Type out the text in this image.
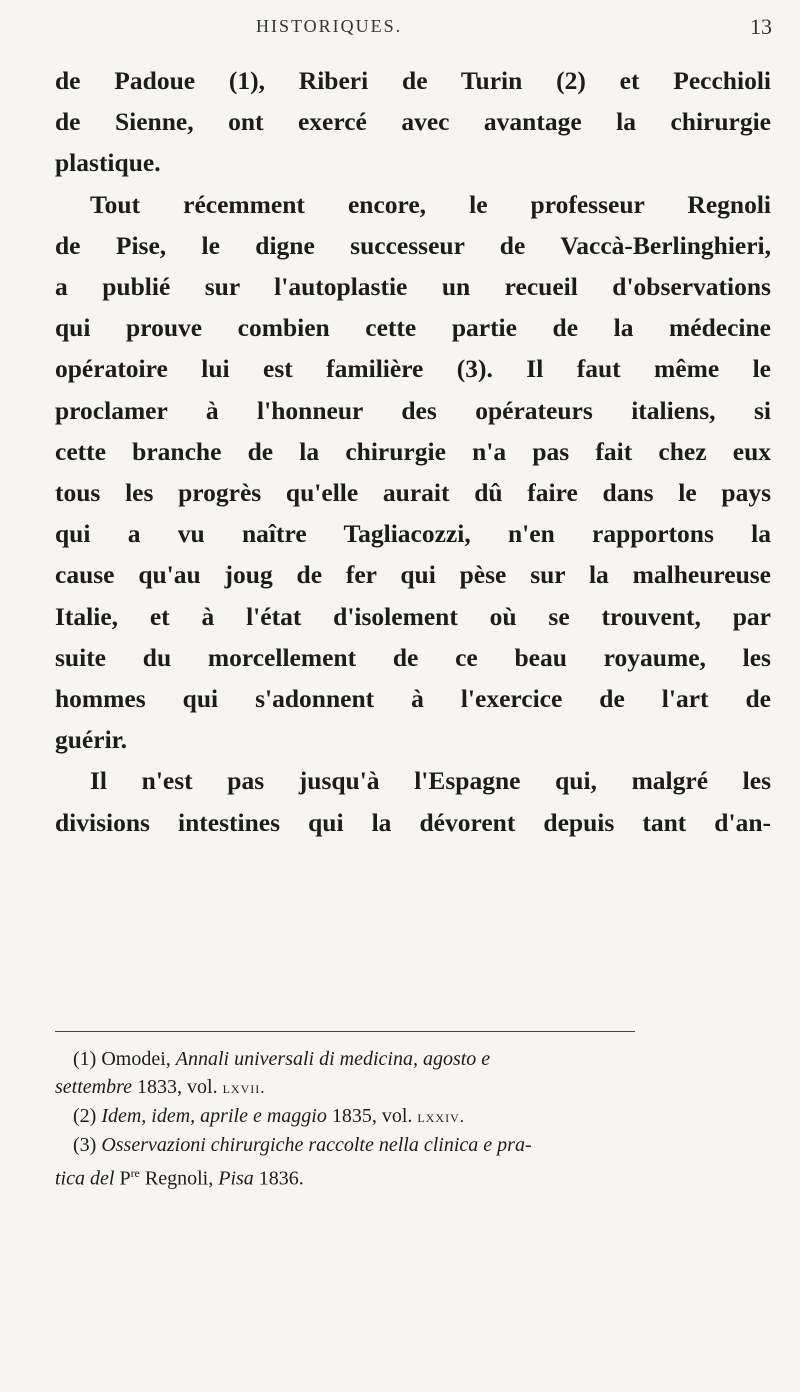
HISTORIQUES.	13
de Padoue (1), Riberi de Turin (2) et Pecchioli
de Sienne, ont exercé avec avantage la chirurgie
plastique.
Tout récemment encore, le professeur Regnoli
de Pise, le digne successeur de Vaccà-Berlinghieri,
a publié sur l'autoplastie un recueil d'observations
qui prouve combien cette partie de la médecine
opératoire lui est familière (3). Il faut même le
proclamer à l'honneur des opérateurs italiens, si
cette branche de la chirurgie n'a pas fait chez eux
tous les progrès qu'elle aurait dû faire dans le pays
qui a vu naître Tagliacozzi, n'en rapportons la
cause qu'au joug de fer qui pèse sur la malheureuse
Italie, et à l'état d'isolement où se trouvent, par
suite du morcellement de ce beau royaume, les
hommes qui s'adonnent à l'exercice de l'art de
guérir.
Il n'est pas jusqu'à l'Espagne qui, malgré les
divisions intestines qui la dévorent depuis tant d'an-
(1) Omodei, Annali universali di medicina, agosto e
settembre 1833, vol. lxvii.
(2) Idem, idem, aprile e maggio 1835, vol. lxxiv.
(3) Osservazioni chirurgiche raccolte nella clinica e pra-
tica del $P^{re}$ Regnoli, Pisa 1836.
